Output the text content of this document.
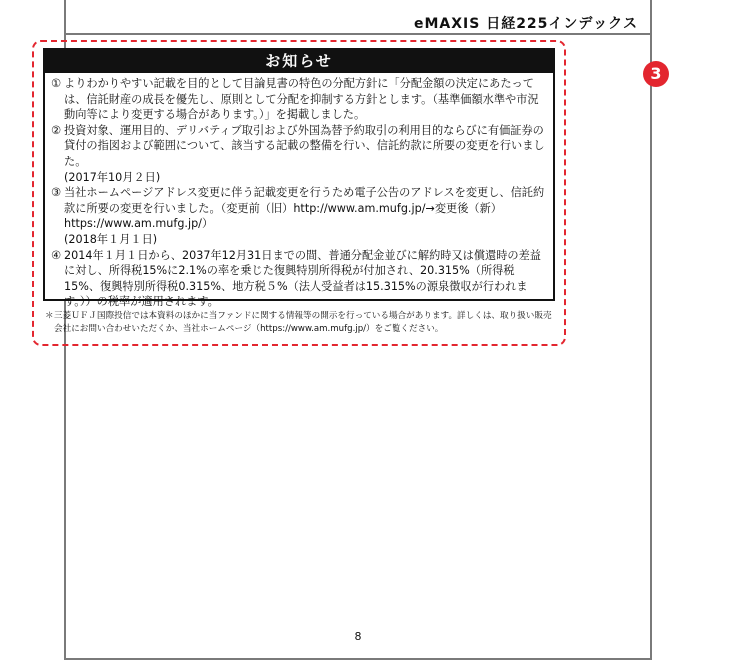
eMAXIS 日経225インデックス
8
お知らせ
① よりわかりやすい記載を目的として目論見書の特色の分配方針に「分配金額の決定にあたっては、信託財産の成長を優先し、原則として分配を抑制する方針とします。（基準価額水準や市況動向等により変更する場合があります。）」を掲載しました。
② 投資対象、運用目的、デリバティブ取引および外国為替予約取引の利用目的ならびに有価証券の貸付の指図および範囲について、該当する記載の整備を行い、信託約款に所要の変更を行いました。
(2017年10月２日)
③ 当社ホームページアドレス変更に伴う記載変更を行うため電子公告のアドレスを変更し、信託約款に所要の変更を行いました。（変更前（旧）http://www.am.mufg.jp/→変更後（新）https://www.am.mufg.jp/）
(2018年１月１日)
④ 2014年１月１日から、2037年12月31日までの間、普通分配金並びに解約時又は償還時の差益に対し、所得税15%に2.1%の率を乗じた復興特別所得税が付加され、20.315%（所得税15%、復興特別所得税0.315%、地方税５%（法人受益者は15.315%の源泉徴収が行われます。））の税率が適用されます。
＊ 三菱ＵＦＪ国際投信では本資料のほかに当ファンドに関する情報等の開示を行っている場合があります。詳しくは、取り扱い販売会社にお問い合わせいただくか、当社ホームページ（https://www.am.mufg.jp/）をご覧ください。
3
